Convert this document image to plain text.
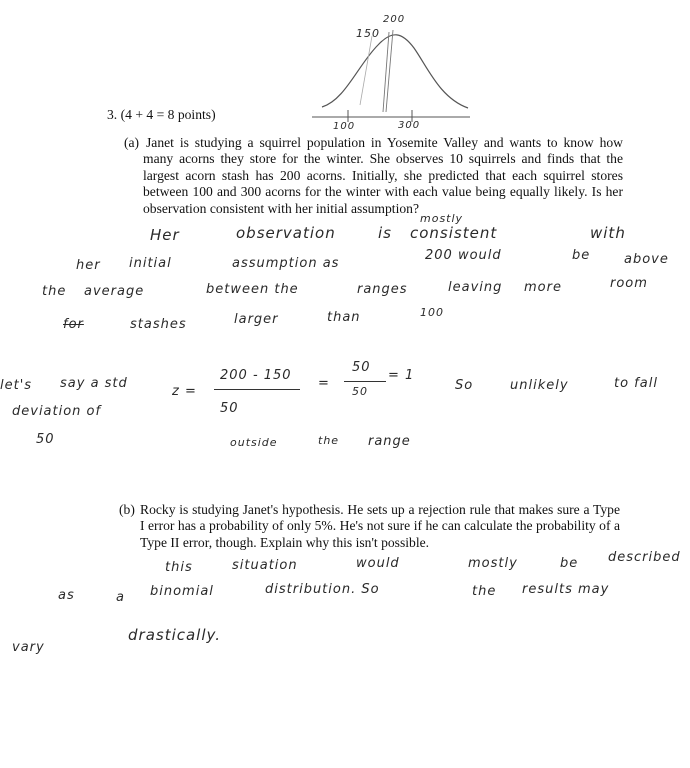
200
150
100	300
3. (4 + 4 = 8 points)
(a) Janet is studying a squirrel population in Yosemite Valley and wants to know how many acorns they store for the winter. She observes 10 squirrels and finds that the largest acorn stash has 200 acorns. Initially, she predicted that each squirrel stores between 100 and 300 acorns for the winter with each value being equally likely. Is her observation consistent with her initial assumption?
(b) Rocky is studying Janet's hypothesis. He sets up a rejection rule that makes sure a Type I error has a probability of only 5%. He's not sure if he can calculate the probability of a Type II error, though. Explain why this isn't possible.
mostly
Her	observation	is consistent	with
her initial	assumption as
200 would	be	above
the average	between the	ranges	leaving more	room
for	stashes	larger	than	100
let's say a std
z =
200 - 150
50
=
50
50
= 1
So	unlikely	to fall
deviation of
50	outside	the range
this	situation	would	mostly	be described
as	a binomial	distribution. So	the results may
vary
drastically.
